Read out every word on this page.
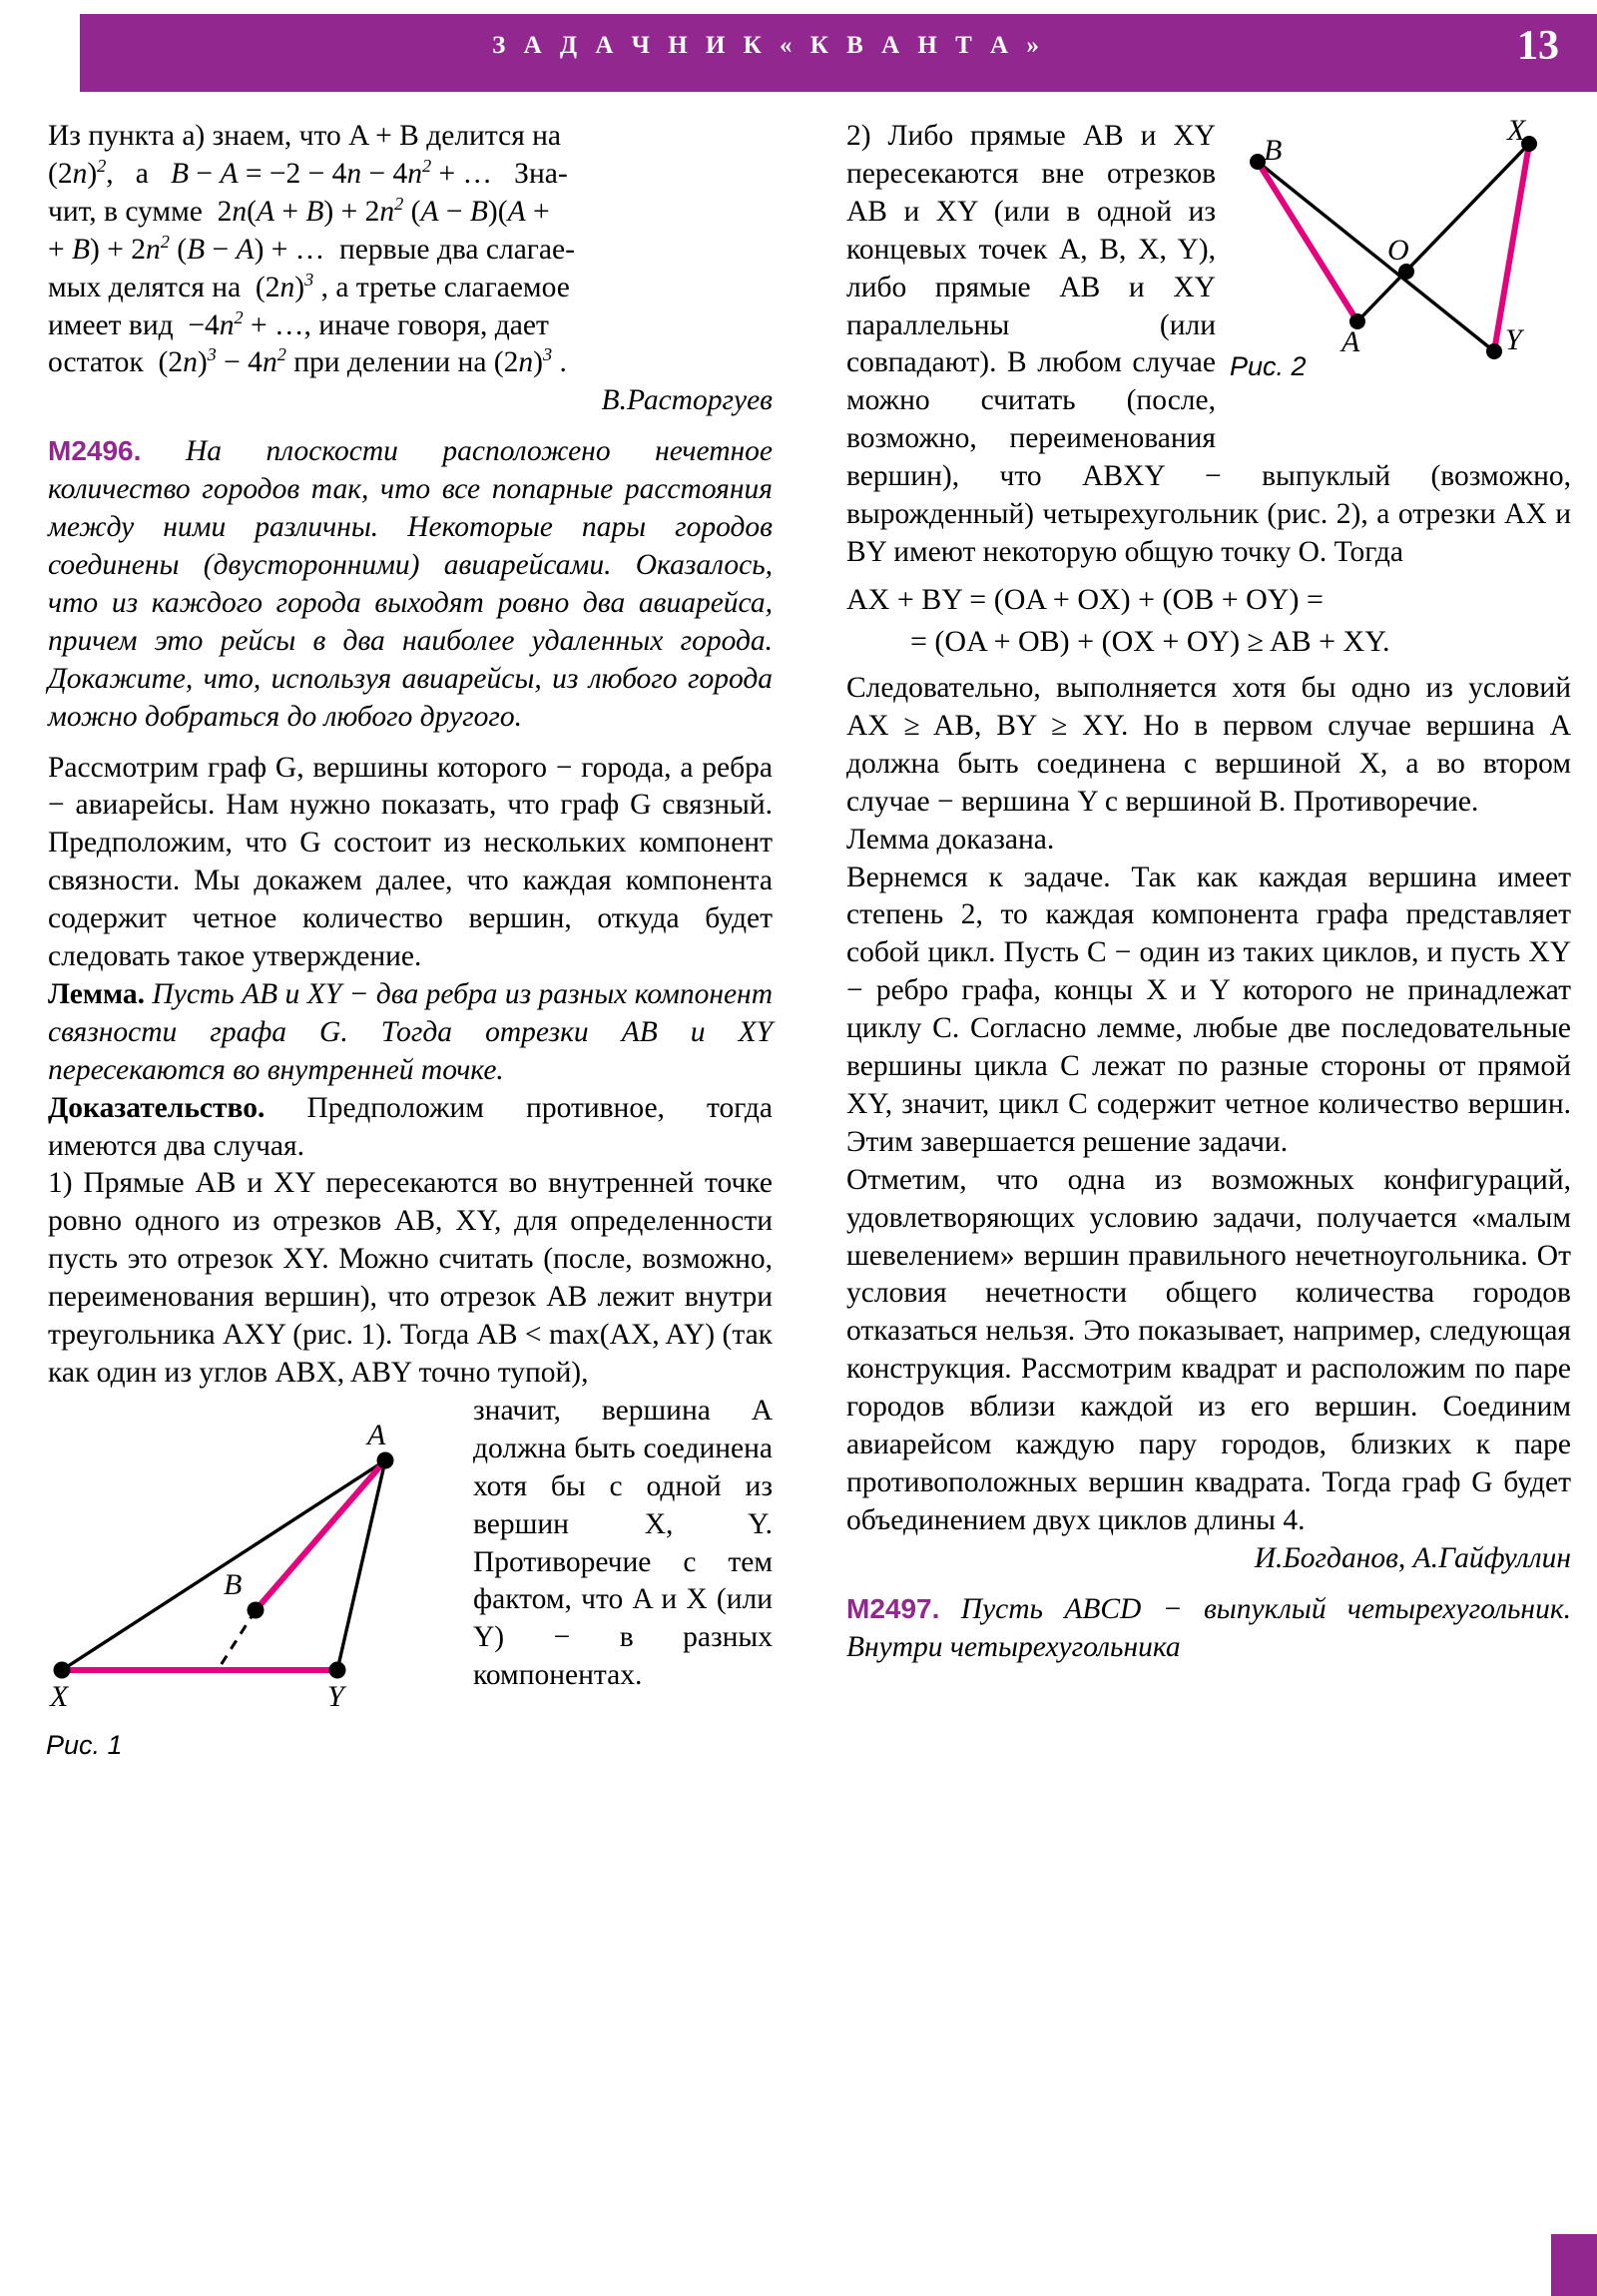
З А Д А Ч Н И К « К В А Н Т А »	13

Из пункта а) знаем, что A + B делится на
$(2n)^2$,   а   $B - A = -2 - 4n - 4n^2$ + …   Зна-
чит, в сумме  $2n(A + B) + 2n^2$ (A − B)(A +
+ $B) + 2n^2$ (B − A) + …  первые два слагае-
мых делятся на  $(2n)^3$ , а третье слагаемое
имеет вид  $-4n^2$ + …, иначе говоря, дает
остаток  $(2n)^3 - 4n^2$ при делении на $(2n)^3$ .

В.Расторгуев

M2496. На плоскости расположено нечетное количество городов так, что все попарные расстояния между ними различны. Некоторые пары городов соединены (двусторонними) авиарейсами. Оказалось, что из каждого города выходят ровно два авиарейса, причем это рейсы в два наиболее удаленных города. Докажите, что, используя авиарейсы, из любого города можно добраться до любого другого.

Рассмотрим граф G, вершины которого − города, а ребра − авиарейсы. Нам нужно показать, что граф G связный. Предположим, что G состоит из нескольких компонент связности. Мы докажем далее, что каждая компонента содержит четное количество вершин, откуда будет следовать такое утверждение.

Лемма. Пусть AB и XY − два ребра из разных компонент связности графа G. Тогда отрезки AB и XY пересекаются во внутренней точке.

Доказательство. Предположим противное, тогда имеются два случая.

1) Прямые AB и XY пересекаются во внутренней точке ровно одного из отрезков AB, XY, для определенности пусть это отрезок XY. Можно считать (после, возможно, переименования вершин), что отрезок AB лежит внутри треугольника AXY (рис. 1). Тогда AB < max(AX, AY) (так как один из углов ABX, ABY точно тупой),

A
B
X	Y
Рис. 1

значит, вершина A должна быть соединена хотя бы с одной из вершин X, Y. Противоречие с тем фактом, что A и X (или Y) − в разных компонентах.

B
X
A	Y
O
Рис. 2

2) Либо прямые AB и XY пересекаются вне отрезков AB и XY (или в одной из концевых точек A, B, X, Y), либо прямые AB и XY параллельны (или совпадают). В любом случае можно считать (после, возможно, переименования вершин), что ABXY − выпуклый (возможно, вырожденный) четырехугольник (рис. 2), а отрезки AX и BY имеют некоторую общую точку O. Тогда

AX + BY = (OA + OX) + (OB + OY) =

= (OA + OB) + (OX + OY) ≥ AB + XY.

Следовательно, выполняется хотя бы одно из условий AX ≥ AB, BY ≥ XY. Но в первом случае вершина A должна быть соединена с вершиной X, а во втором случае − вершина Y с вершиной B. Противоречие.

Лемма доказана.

Вернемся к задаче. Так как каждая вершина имеет степень 2, то каждая компонента графа представляет собой цикл. Пусть C − один из таких циклов, и пусть XY − ребро графа, концы X и Y которого не принадлежат циклу C. Согласно лемме, любые две последовательные вершины цикла C лежат по разные стороны от прямой XY, значит, цикл C содержит четное количество вершин. Этим завершается решение задачи.

Отметим, что одна из возможных конфигураций, удовлетворяющих условию задачи, получается «малым шевелением» вершин правильного нечетноугольника. От условия нечетности общего количества городов отказаться нельзя. Это показывает, например, следующая конструкция. Рассмотрим квадрат и расположим по паре городов вблизи каждой из его вершин. Соединим авиарейсом каждую пару городов, близких к паре противоположных вершин квадрата. Тогда граф G будет объединением двух циклов длины 4.

И.Богданов, А.Гайфуллин

M2497. Пусть ABCD − выпуклый четырехугольник. Внутри четырехугольника
